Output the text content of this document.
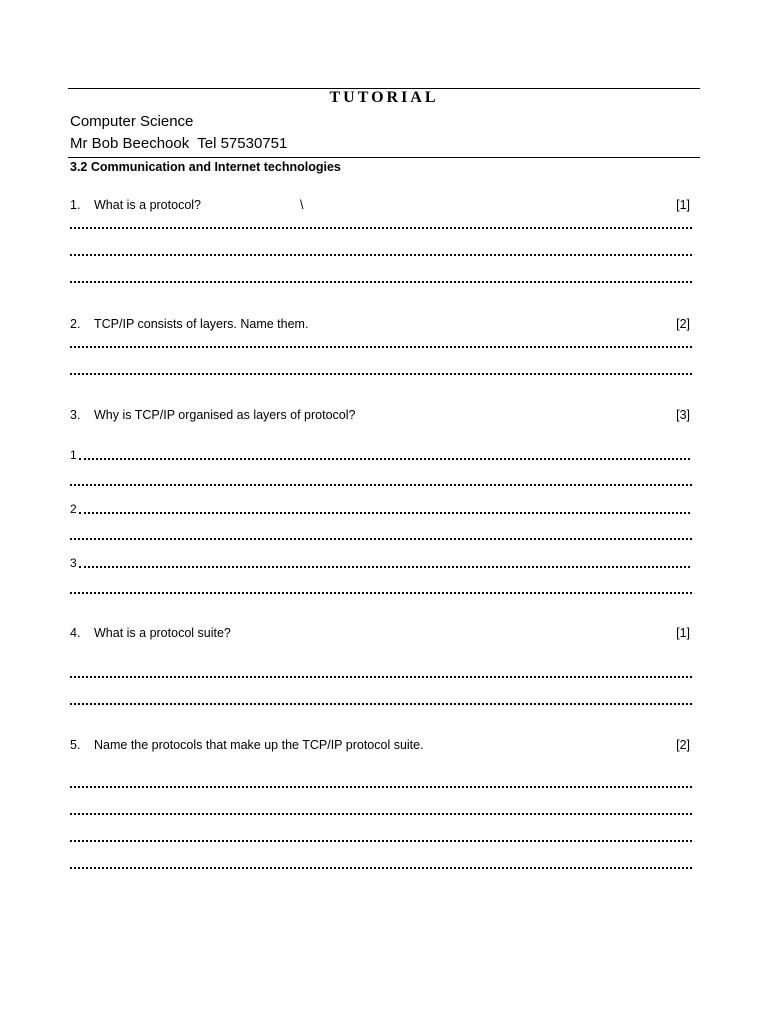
TUTORIAL
Computer Science
Mr Bob Beechook Tel 57530751
3.2 Communication and Internet technologies
1. What is a protocol?	\	[1]
2. TCP/IP consists of layers. Name them.	[2]
3. Why is TCP/IP organised as layers of protocol?	[3]
1
2
3
4. What is a protocol suite?	[1]
5. Name the protocols that make up the TCP/IP protocol suite.	[2]
